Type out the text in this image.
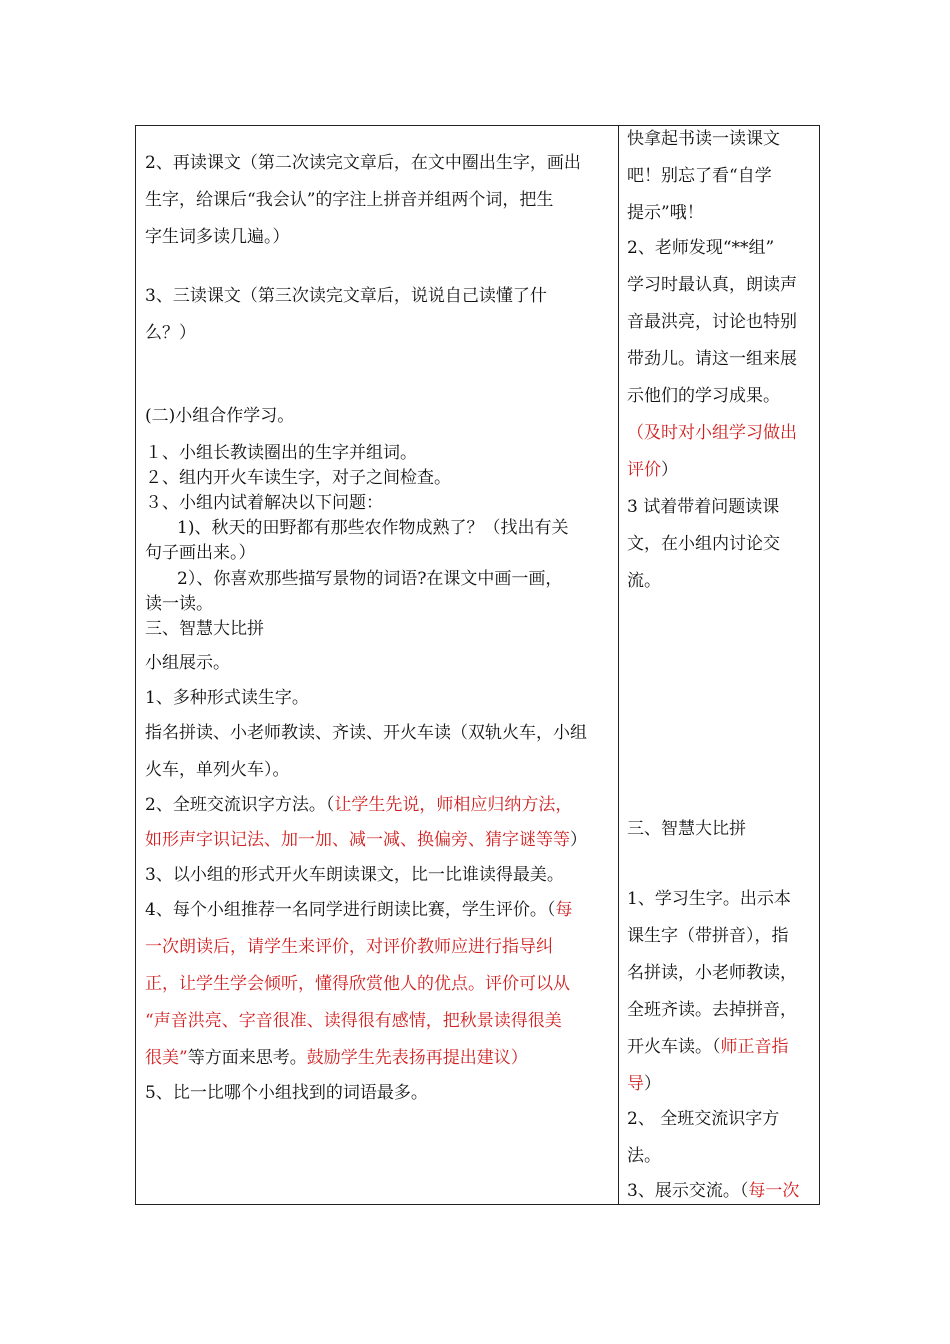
2、再读课文（第二次读完文章后，在文中圈出生字，画出
生字，给课后“我会认”的字注上拼音并组两个词，把生
字生词多读几遍。）
3、三读课文（第三次读完文章后，说说自己读懂了什
么？）
(二)小组合作学习。
１、小组长教读圈出的生字并组词。
２、组内开火车读生字，对子之间检查。
３、小组内试着解决以下问题：
1)、秋天的田野都有那些农作物成熟了？（找出有关
句子画出来。）
2）、你喜欢那些描写景物的词语?在课文中画一画，
读一读。
三、智慧大比拼
小组展示。
1、多种形式读生字。
指名拼读、小老师教读、齐读、开火车读（双轨火车，小组
火车，单列火车）。
2、全班交流识字方法。（让学生先说，师相应归纳方法，
如形声字识记法、加一加、减一减、换偏旁、猜字谜等等）
3、以小组的形式开火车朗读课文，比一比谁读得最美。
4、每个小组推荐一名同学进行朗读比赛，学生评价。（每
一次朗读后，请学生来评价，对评价教师应进行指导纠
正，让学生学会倾听，懂得欣赏他人的优点。评价可以从
“声音洪亮、字音很准、读得很有感情，把秋景读得很美
很美”等方面来思考。鼓励学生先表扬再提出建议）
5、比一比哪个小组找到的词语最多。
快拿起书读一读课文
吧！别忘了看“自学
提示”哦！
2、老师发现“**组”
学习时最认真，朗读声
音最洪亮，讨论也特别
带劲儿。请这一组来展
示他们的学习成果。
（及时对小组学习做出
评价）
3 试着带着问题读课
文，在小组内讨论交
流。
三、智慧大比拼
1、学习生字。出示本
课生字（带拼音），指
名拼读，小老师教读，
全班齐读。去掉拼音，
开火车读。（师正音指
导）
2、 全班交流识字方
法。
3、展示交流。（每一次
